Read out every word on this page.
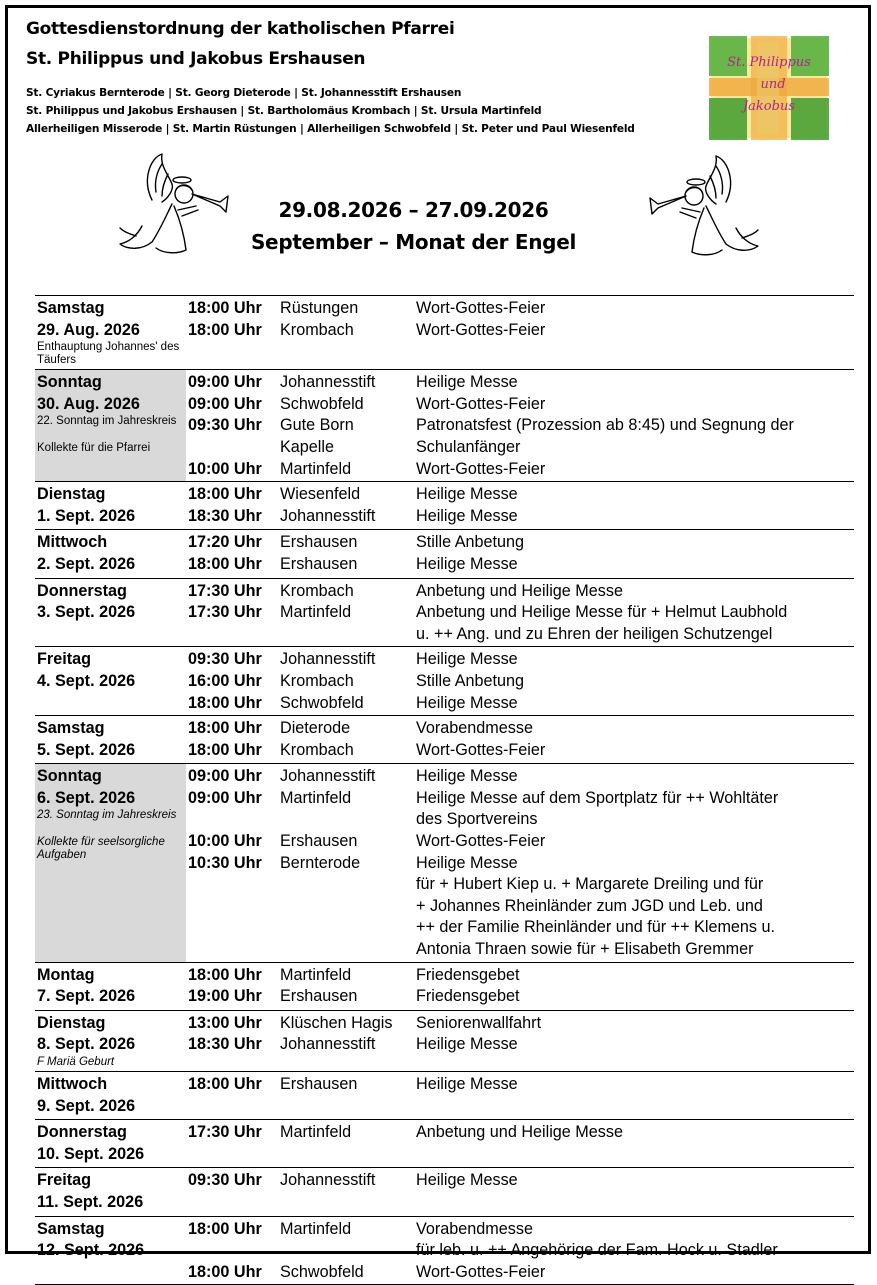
Gottesdienstordnung der katholischen Pfarrei
St. Philippus und Jakobus Ershausen
St. Cyriakus Bernterode | St. Georg Dieterode | St. Johannesstift Ershausen
St. Philippus und Jakobus Ershausen | St. Bartholomäus Krombach | St. Ursula Martinfeld
Allerheiligen Misserode | St. Martin Rüstungen | Allerheiligen Schwobfeld | St. Peter und Paul Wiesenfeld
St. Philippus
und
Jakobus
29.08.2026 – 27.09.2026
September – Monat der Engel
Samstag
29. Aug. 2026
Enthauptung Johannes' des Täufers
18:00 Uhr	Rüstungen	Wort-Gottes-Feier
18:00 Uhr	Krombach	Wort-Gottes-Feier
Sonntag
30. Aug. 2026
22. Sonntag im Jahreskreis
Kollekte für die Pfarrei
09:00 Uhr	Johannesstift	Heilige Messe
09:00 Uhr	Schwobfeld	Wort-Gottes-Feier
09:30 Uhr	Gute Born	Patronatsfest (Prozession ab 8:45) und Segnung der
Kapelle	Schulanfänger
10:00 Uhr	Martinfeld	Wort-Gottes-Feier
Dienstag
1. Sept. 2026
18:00 Uhr	Wiesenfeld	Heilige Messe
18:30 Uhr	Johannesstift	Heilige Messe
Mittwoch
2. Sept. 2026
17:20 Uhr	Ershausen	Stille Anbetung
18:00 Uhr	Ershausen	Heilige Messe
Donnerstag
3. Sept. 2026
17:30 Uhr	Krombach	Anbetung und Heilige Messe
17:30 Uhr	Martinfeld	Anbetung und Heilige Messe für + Helmut Laubhold
u. ++ Ang. und zu Ehren der heiligen Schutzengel
Freitag
4. Sept. 2026
09:30 Uhr	Johannesstift	Heilige Messe
16:00 Uhr	Krombach	Stille Anbetung
18:00 Uhr	Schwobfeld	Heilige Messe
Samstag
5. Sept. 2026
18:00 Uhr	Dieterode	Vorabendmesse
18:00 Uhr	Krombach	Wort-Gottes-Feier
Sonntag
6. Sept. 2026
23. Sonntag im Jahreskreis
Kollekte für seelsorgliche Aufgaben
09:00 Uhr	Johannesstift	Heilige Messe
09:00 Uhr	Martinfeld	Heilige Messe auf dem Sportplatz für ++ Wohltäter
des Sportvereins
10:00 Uhr	Ershausen	Wort-Gottes-Feier
10:30 Uhr	Bernterode	Heilige Messe
für + Hubert Kiep u. + Margarete Dreiling und für
+ Johannes Rheinländer zum JGD und Leb. und
++ der Familie Rheinländer und für ++ Klemens u.
Antonia Thraen sowie für + Elisabeth Gremmer
Montag
7. Sept. 2026
18:00 Uhr	Martinfeld	Friedensgebet
19:00 Uhr	Ershausen	Friedensgebet
Dienstag
8. Sept. 2026
F Mariä Geburt
13:00 Uhr	Klüschen Hagis	Seniorenwallfahrt
18:30 Uhr	Johannesstift	Heilige Messe
Mittwoch
9. Sept. 2026
18:00 Uhr	Ershausen	Heilige Messe
Donnerstag
10. Sept. 2026
17:30 Uhr	Martinfeld	Anbetung und Heilige Messe
Freitag
11. Sept. 2026
09:30 Uhr	Johannesstift	Heilige Messe
Samstag
12. Sept. 2026
18:00 Uhr	Martinfeld	Vorabendmesse
für leb. u. ++ Angehörige der Fam. Hock u. Stadler
18:00 Uhr	Schwobfeld	Wort-Gottes-Feier
